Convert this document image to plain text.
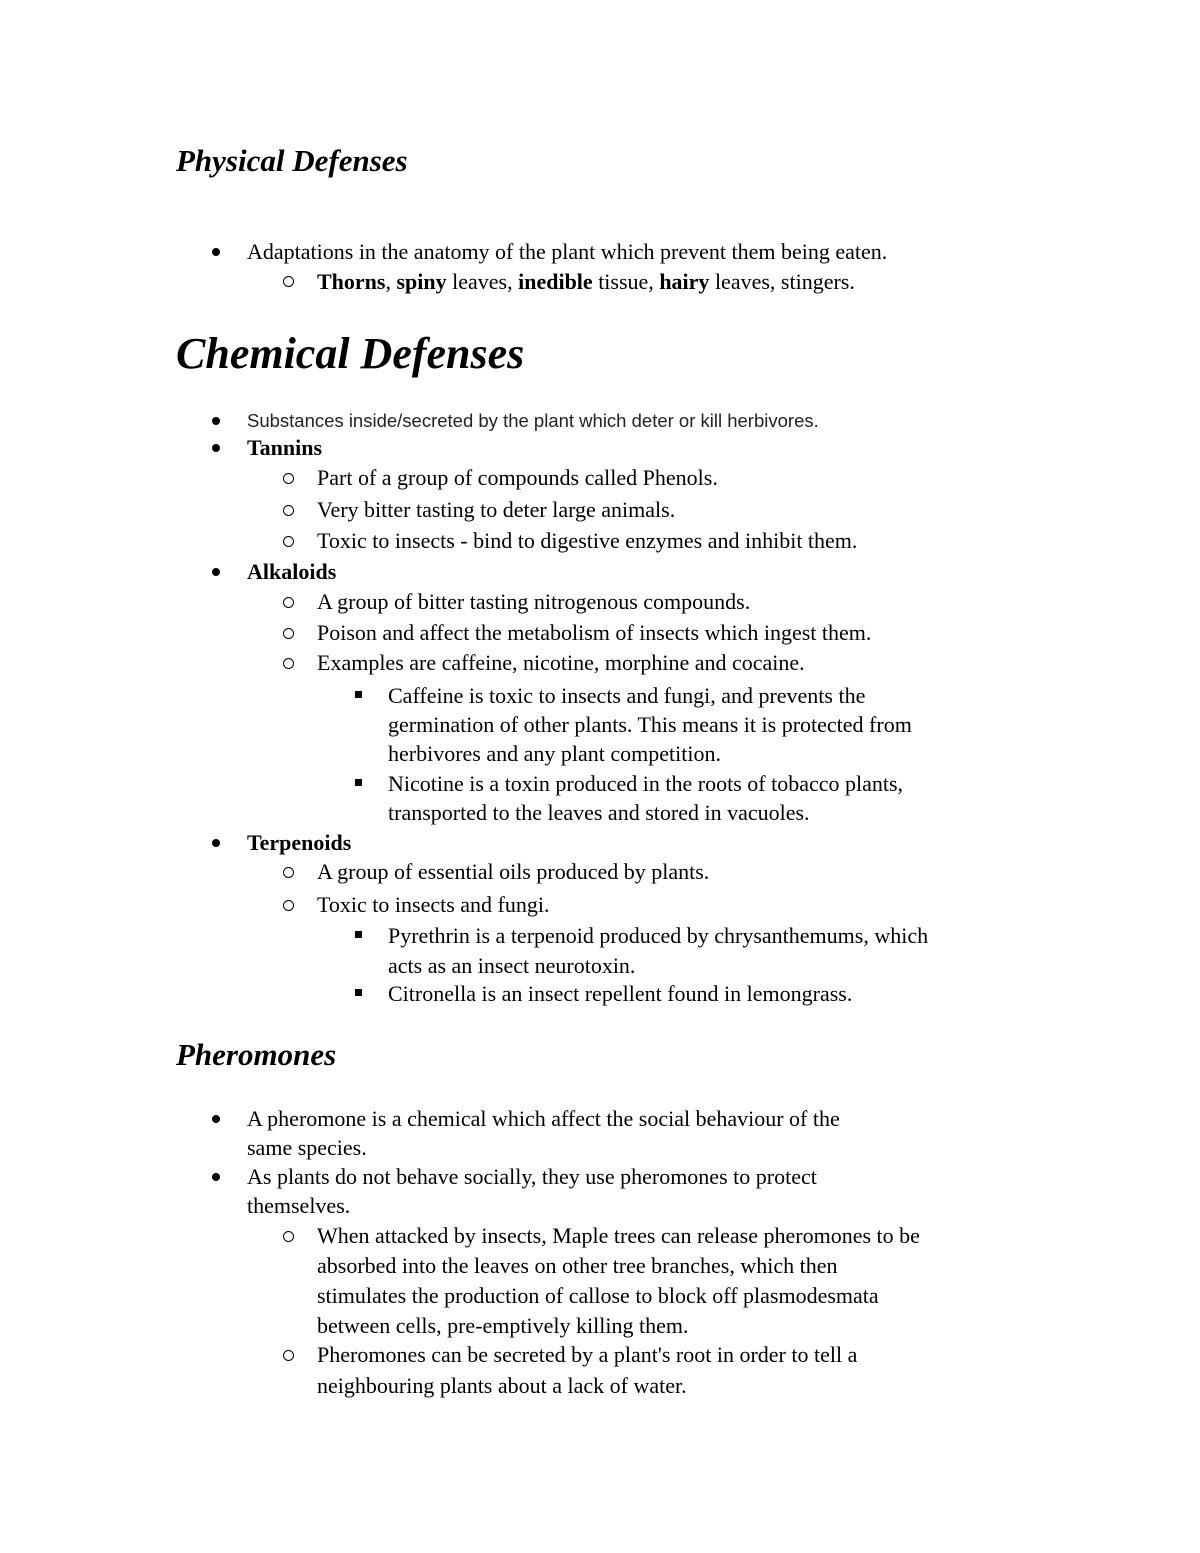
Physical Defenses
Adaptations in the anatomy of the plant which prevent them being eaten.
Thorns, spiny leaves, inedible tissue, hairy leaves, stingers.
Chemical Defenses
Substances inside/secreted by the plant which deter or kill herbivores.
Tannins
Part of a group of compounds called Phenols.
Very bitter tasting to deter large animals.
Toxic to insects - bind to digestive enzymes and inhibit them.
Alkaloids
A group of bitter tasting nitrogenous compounds.
Poison and affect the metabolism of insects which ingest them.
Examples are caffeine, nicotine, morphine and cocaine.
Caffeine is toxic to insects and fungi, and prevents the
germination of other plants. This means it is protected from
herbivores and any plant competition.
Nicotine is a toxin produced in the roots of tobacco plants,
transported to the leaves and stored in vacuoles.
Terpenoids
A group of essential oils produced by plants.
Toxic to insects and fungi.
Pyrethrin is a terpenoid produced by chrysanthemums, which
acts as an insect neurotoxin.
Citronella is an insect repellent found in lemongrass.
Pheromones
A pheromone is a chemical which affect the social behaviour of the
same species.
As plants do not behave socially, they use pheromones to protect
themselves.
When attacked by insects, Maple trees can release pheromones to be
absorbed into the leaves on other tree branches, which then
stimulates the production of callose to block off plasmodesmata
between cells, pre-emptively killing them.
Pheromones can be secreted by a plant's root in order to tell a
neighbouring plants about a lack of water.
